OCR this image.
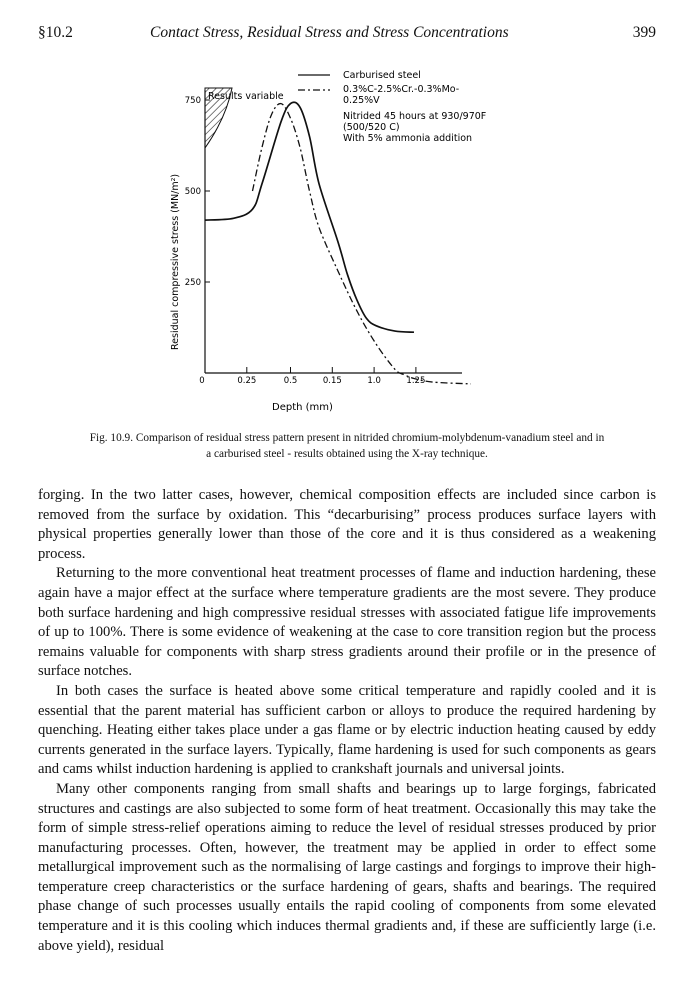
§10.2	Contact Stress, Residual Stress and Stress Concentrations	399
750
500
250
0	0.25	0.5	0.15	1.0	1.25
Results variable
Depth (mm)
Residual compressive stress (MN/m²)
Carburised steel
0.3%C-2.5%Cr.-0.3%Mo-
0.25%V
Nitrided 45 hours at 930/970F
(500/520 C)
With 5% ammonia addition
Fig. 10.9. Comparison of residual stress pattern present in nitrided chromium-molybdenum-vanadium steel and in
a carburised steel - results obtained using the X-ray technique.

forging. In the two latter cases, however, chemical composition effects are included since carbon is removed from the surface by oxidation. This “decarburising” process produces surface layers with physical properties generally lower than those of the core and it is thus considered as a weakening process.

Returning to the more conventional heat treatment processes of flame and induction hardening, these again have a major effect at the surface where temperature gradients are the most severe. They produce both surface hardening and high compressive residual stresses with associated fatigue life improvements of up to 100%. There is some evidence of weakening at the case to core transition region but the process remains valuable for components with sharp stress gradients around their profile or in the presence of surface notches.

In both cases the surface is heated above some critical temperature and rapidly cooled and it is essential that the parent material has sufficient carbon or alloys to produce the required hardening by quenching. Heating either takes place under a gas flame or by electric induction heating caused by eddy currents generated in the surface layers. Typically, flame hardening is used for such components as gears and cams whilst induction hardening is applied to crankshaft journals and universal joints.

Many other components ranging from small shafts and bearings up to large forgings, fabricated structures and castings are also subjected to some form of heat treatment. Occasionally this may take the form of simple stress-relief operations aiming to reduce the level of residual stresses produced by prior manufacturing processes. Often, however, the treatment may be applied in order to effect some metallurgical improvement such as the normalising of large castings and forgings to improve their high-temperature creep characteristics or the surface hardening of gears, shafts and bearings. The required phase change of such processes usually entails the rapid cooling of components from some elevated temperature and it is this cooling which induces thermal gradients and, if these are sufficiently large (i.e. above yield), residual
